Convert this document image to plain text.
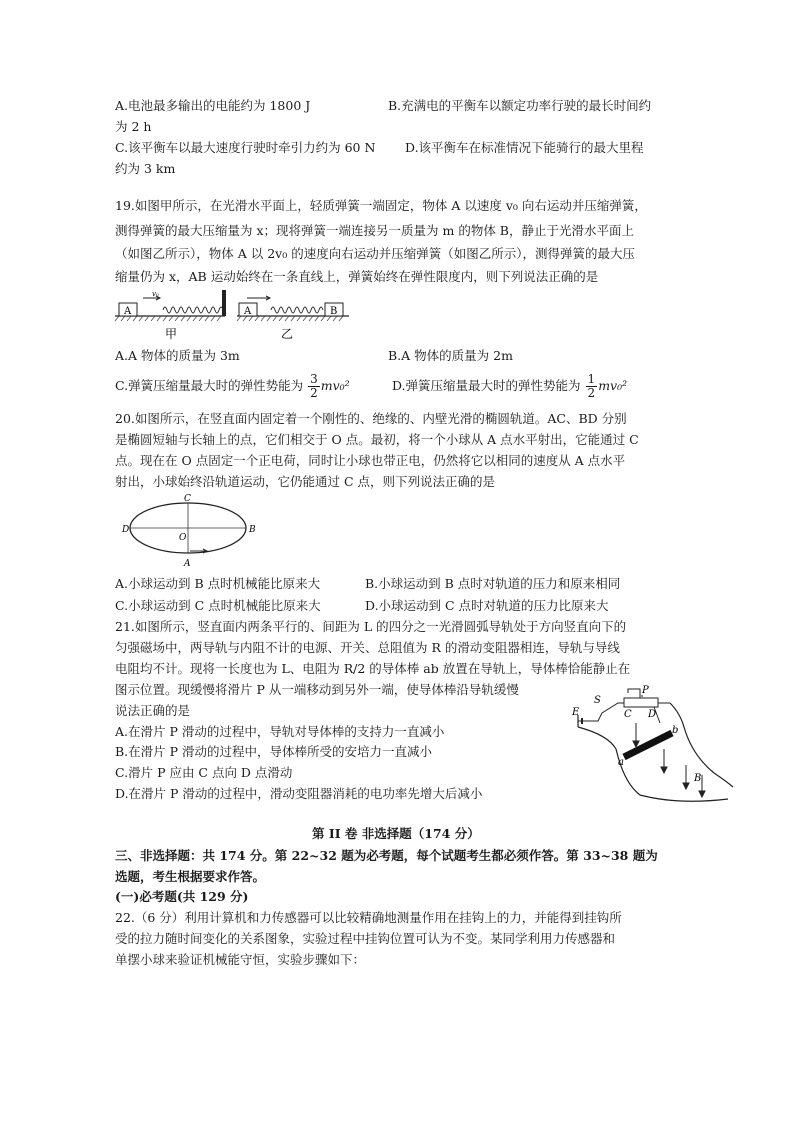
A.电池最多输出的电能约为 1800 J	B.充满电的平衡车以额定功率行驶的最长时间约
为 2 h
C.该平衡车以最大速度行驶时牵引力约为 60 N D.该平衡车在标准情况下能骑行的最大里程
约为 3 km
19.如图甲所示，在光滑水平面上，轻质弹簧一端固定，物体 A 以速度 v₀ 向右运动并压缩弹簧，
测得弹簧的最大压缩量为 x；现将弹簧一端连接另一质量为 m 的物体 B，静止于光滑水平面上
（如图乙所示），物体 A 以 2v₀ 的速度向右运动并压缩弹簧（如图乙所示），测得弹簧的最大压
缩量仍为 x，AB 运动始终在一条直线上，弹簧始终在弹性限度内，则下列说法正确的是
A
v₀
甲
A	B
乙
A.A 物体的质量为 3m	B.A 物体的质量为 2m
C.弹簧压缩量最大时的弹性势能为 $\frac{3}{2} mv_0^2$	D.弹簧压缩量最大时的弹性势能为 $\frac{1}{2} mv_0^2$
20.如图所示，在竖直面内固定着一个刚性的、绝缘的、内壁光滑的椭圆轨道。AC、BD 分别
是椭圆短轴与长轴上的点，它们相交于 O 点。最初，将一个小球从 A 点水平射出，它能通过 C
点。现在在 O 点固定一个正电荷，同时让小球也带正电，仍然将它以相同的速度从 A 点水平
射出，小球始终沿轨道运动，它仍能通过 C 点，则下列说法正确的是
C
D	B
O
A
A.小球运动到 B 点时机械能比原来大	B.小球运动到 B 点时对轨道的压力和原来相同
C.小球运动到 C 点时机械能比原来大	D.小球运动到 C 点时对轨道的压力比原来大
21.如图所示，竖直面内两条平行的、间距为 L 的四分之一光滑圆弧导轨处于方向竖直向下的
匀强磁场中，两导轨与内阻不计的电源、开关、总阻值为 R 的滑动变阻器相连，导轨与导线
电阻均不计。现将一长度也为 L、电阻为 R/2 的导体棒 ab 放置在导轨上，导体棒恰能静止在
图示位置。现缓慢将滑片 P 从一端移动到另外一端，使导体棒沿导轨缓慢
说法正确的是
A.在滑片 P 滑动的过程中，导轨对导体棒的支持力一直减小
B.在滑片 P 滑动的过程中，导体棒所受的安培力一直减小
C.滑片 P 应由 C 点向 D 点滑动
D.在滑片 P 滑动的过程中，滑动变阻器消耗的电功率先增大后减小
S
P
E	C D
a
b
B
第 II 卷 非选择题（174 分）
三、非选择题：共 174 分。第 22~32 题为必考题，每个试题考生都必须作答。第 33~38 题为
选题，考生根据要求作答。
(一)必考题(共 129 分)
22.（6 分）利用计算机和力传感器可以比较精确地测量作用在挂钩上的力，并能得到挂钩所
受的拉力随时间变化的关系图象，实验过程中挂钩位置可认为不变。某同学利用力传感器和
单摆小球来验证机械能守恒，实验步骤如下：
